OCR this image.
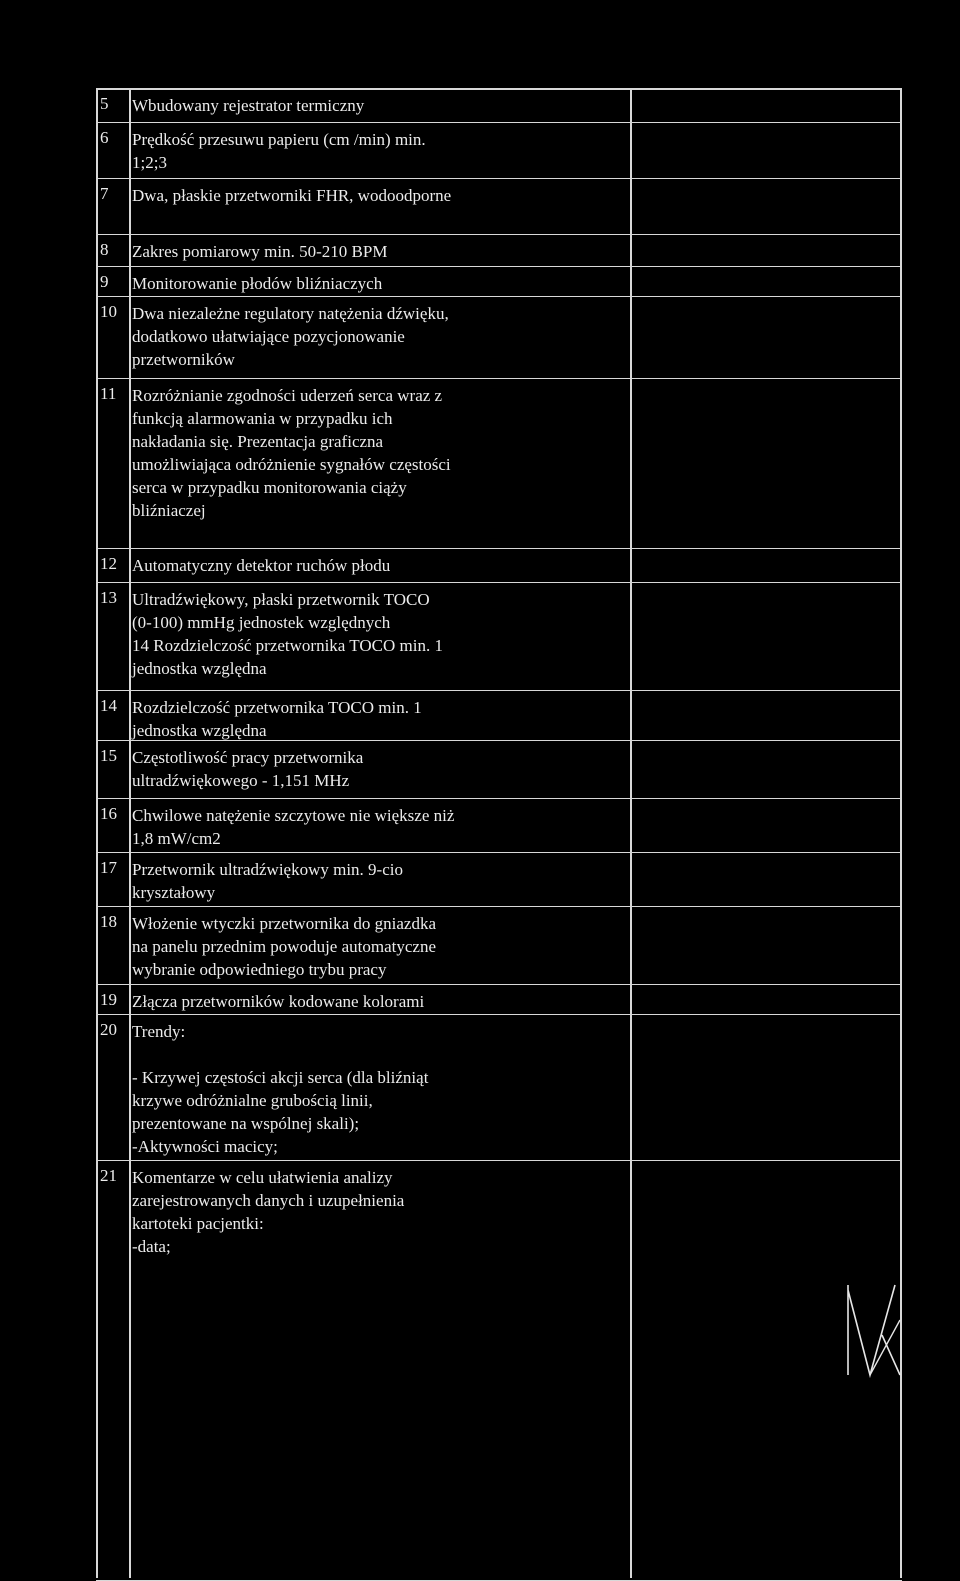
5	Wbudowany rejestrator termiczny
6	Prędkość przesuwu papieru (cm /min) min.
1;2;3
7	Dwa, płaskie przetworniki FHR, wodoodporne
8	Zakres pomiarowy min. 50-210 BPM
9	Monitorowanie płodów bliźniaczych
10 Dwa niezależne regulatory natężenia dźwięku,
dodatkowo ułatwiające pozycjonowanie
przetworników
11 Rozróżnianie zgodności uderzeń serca wraz z
funkcją alarmowania w przypadku ich
nakładania się. Prezentacja graficzna
umożliwiająca odróżnienie sygnałów częstości
serca w przypadku monitorowania ciąży
bliźniaczej
12 Automatyczny detektor ruchów płodu
13 Ultradźwiękowy, płaski przetwornik TOCO
(0-100) mmHg jednostek względnych
14 Rozdzielczość przetwornika TOCO min. 1
jednostka względna
14 Rozdzielczość przetwornika TOCO min. 1
jednostka względna
15 Częstotliwość pracy przetwornika
ultradźwiękowego - 1,151 MHz
16 Chwilowe natężenie szczytowe nie większe niż
1,8 mW/cm2
17 Przetwornik ultradźwiękowy min. 9-cio
kryształowy
18 Włożenie wtyczki przetwornika do gniazdka
na panelu przednim powoduje automatyczne
wybranie odpowiedniego trybu pracy
19 Złącza przetworników kodowane kolorami
20 Trendy:

- Krzywej częstości akcji serca (dla bliźniąt
krzywe odróżnialne grubością linii,
prezentowane na wspólnej skali);
-Aktywności macicy;
21 Komentarze w celu ułatwienia analizy
zarejestrowanych danych i uzupełnienia
kartoteki pacjentki:
-data;
